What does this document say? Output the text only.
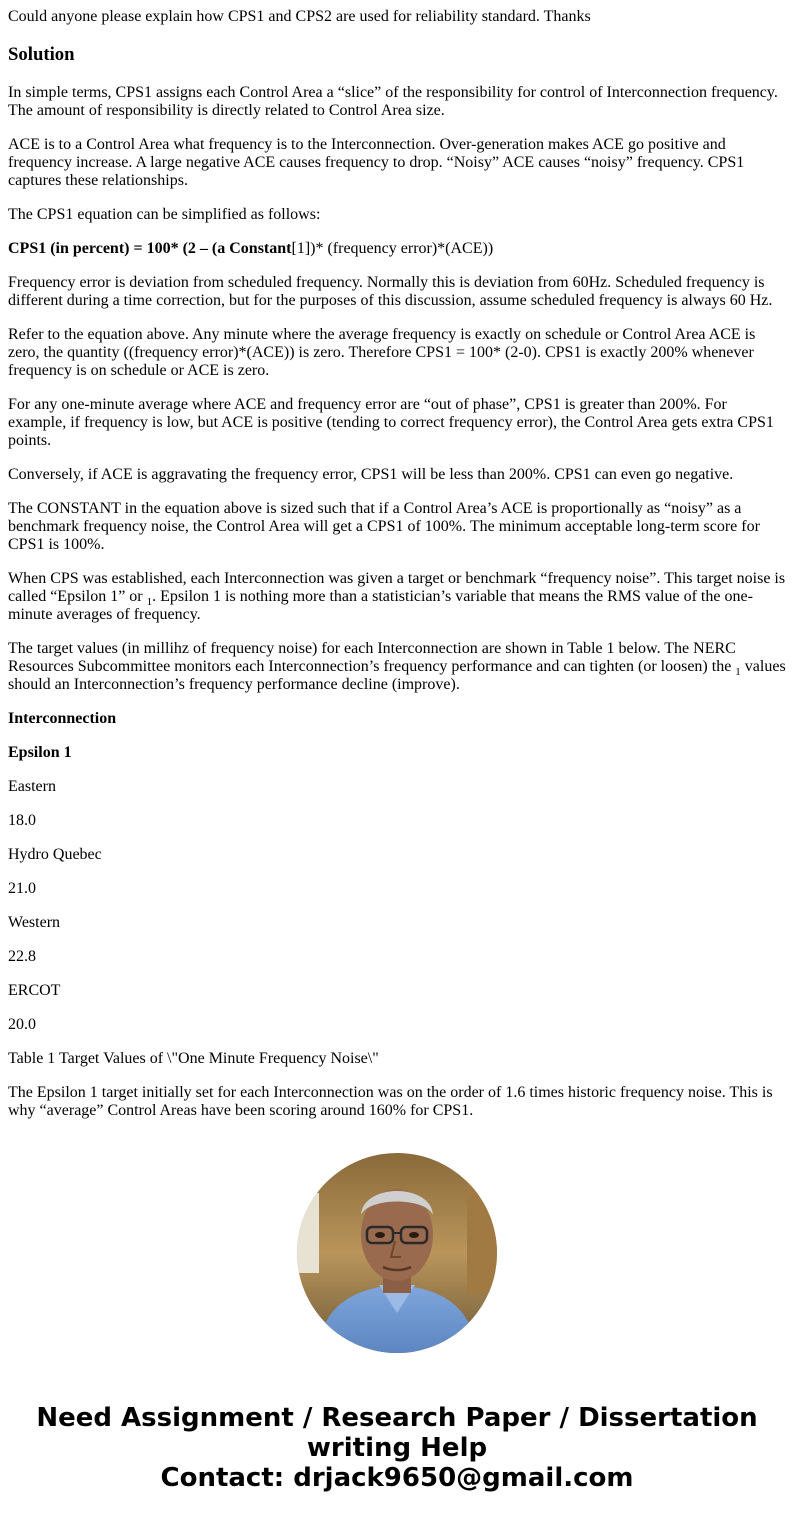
Could anyone please explain how CPS1 and CPS2 are used for reliability standard. Thanks

Solution

In simple terms, CPS1 assigns each Control Area a “slice” of the responsibility for control of Interconnection frequency. The amount of responsibility is directly related to Control Area size.

ACE is to a Control Area what frequency is to the Interconnection. Over-generation makes ACE go positive and frequency increase. A large negative ACE causes frequency to drop. “Noisy” ACE causes “noisy” frequency. CPS1 captures these relationships.

The CPS1 equation can be simplified as follows:

CPS1 (in percent) = 100* (2 – (a Constant[1])* (frequency error)*(ACE))

Frequency error is deviation from scheduled frequency. Normally this is deviation from 60Hz. Scheduled frequency is different during a time correction, but for the purposes of this discussion, assume scheduled frequency is always 60 Hz.

Refer to the equation above. Any minute where the average frequency is exactly on schedule or Control Area ACE is zero, the quantity ((frequency error)*(ACE)) is zero. Therefore CPS1 = 100* (2-0). CPS1 is exactly 200% whenever frequency is on schedule or ACE is zero.

For any one-minute average where ACE and frequency error are “out of phase”, CPS1 is greater than 200%. For example, if frequency is low, but ACE is positive (tending to correct frequency error), the Control Area gets extra CPS1 points.

Conversely, if ACE is aggravating the frequency error, CPS1 will be less than 200%. CPS1 can even go negative.

The CONSTANT in the equation above is sized such that if a Control Area’s ACE is proportionally as “noisy” as a benchmark frequency noise, the Control Area will get a CPS1 of 100%. The minimum acceptable long-term score for CPS1 is 100%.

When CPS was established, each Interconnection was given a target or benchmark “frequency noise”. This target noise is called “Epsilon 1” or $_1$. Epsilon 1 is nothing more than a statistician’s variable that means the RMS value of the one-minute averages of frequency.

The target values (in millihz of frequency noise) for each Interconnection are shown in Table 1 below. The NERC Resources Subcommittee monitors each Interconnection’s frequency performance and can tighten (or loosen) the $_1$ values should an Interconnection’s frequency performance decline (improve).

Interconnection

Epsilon 1

Eastern

18.0

Hydro Quebec

21.0

Western

22.8

ERCOT

20.0

Table 1 Target Values of \"One Minute Frequency Noise\"

The Epsilon 1 target initially set for each Interconnection was on the order of 1.6 times historic frequency noise. This is why “average” Control Areas have been scoring around 160% for CPS1.

Need Assignment / Research Paper / Dissertation
writing Help
Contact: drjack9650@gmail.com
